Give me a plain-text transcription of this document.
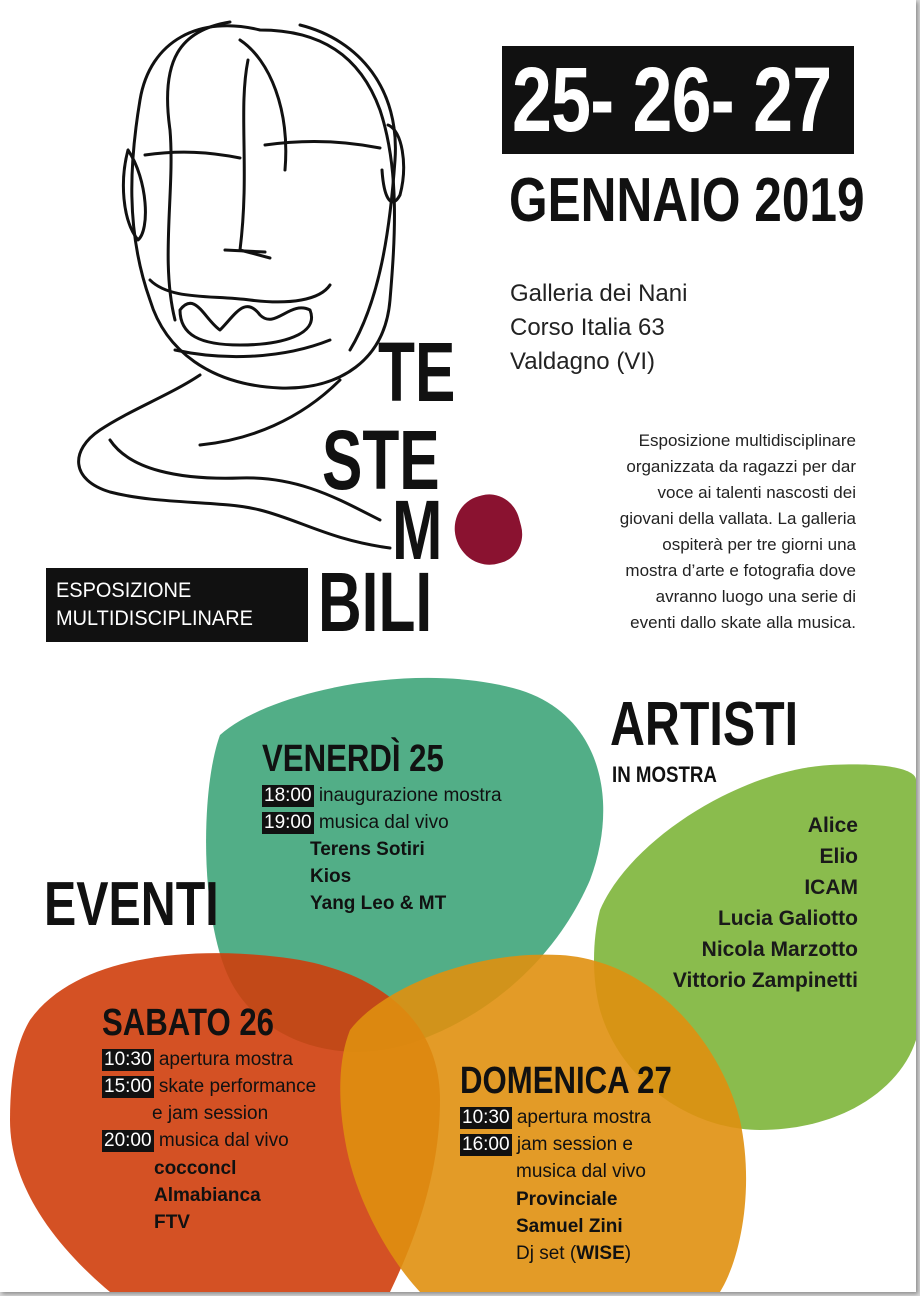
25- 26- 27
GENNAIO 2019
Galleria dei Nani
Corso Italia 63
Valdagno (VI)
Esposizione multidisciplinare
organizzata da ragazzi per dar
voce ai talenti nascosti dei
giovani della vallata. La galleria
ospiterà per tre giorni una
mostra d’arte e fotografia dove
avranno luogo una serie di
eventi dallo skate alla musica.
TE
STE
M
BILI
ESPOSIZIONE
MULTIDISCIPLINARE
ARTISTI
IN MOSTRA
Alice
Elio
ICAM
Lucia Galiotto
Nicola Marzotto
Vittorio Zampinetti
EVENTI
VENERDÌ 25
18:00 inaugurazione mostra
19:00 musica dal vivo
Terens Sotiri
Kios
Yang Leo & MT
SABATO 26
10:30 apertura mostra
15:00 skate performance
e jam session
20:00 musica dal vivo
cocconcl
Almabianca
FTV
DOMENICA 27
10:30 apertura mostra
16:00 jam session e
musica dal vivo
Provinciale
Samuel Zini
Dj set (WISE)
